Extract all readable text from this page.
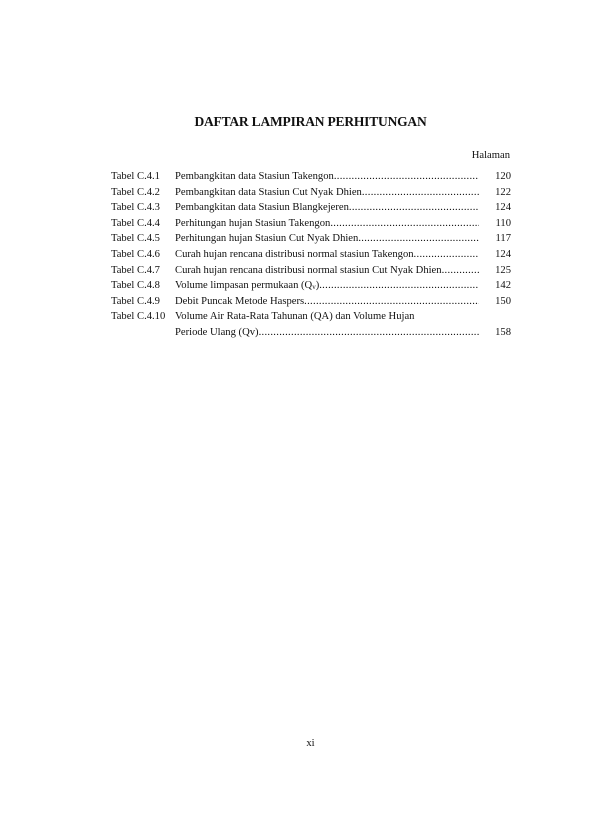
DAFTAR LAMPIRAN PERHITUNGAN
Halaman
Tabel C.4.1	Pembangkitan data Stasiun Takengon .....	120
Tabel C.4.2	Pembangkitan data Stasiun Cut Nyak Dhien .....	122
Tabel C.4.3	Pembangkitan data Stasiun Blangkejeren .....	124
Tabel C.4.4	Perhitungan hujan Stasiun Takengon .....	110
Tabel C.4.5	Perhitungan hujan Stasiun Cut Nyak Dhien .....	117
Tabel C.4.6	Curah hujan rencana distribusi normal stasiun Takengon .....	124
Tabel C.4.7	Curah hujan rencana distribusi normal stasiun Cut Nyak Dhien .....	125
Tabel C.4.8	Volume limpasan permukaan $(Q_v)$ .....	142
Tabel C.4.9	Debit Puncak Metode Haspers .....	150
Tabel C.4.10 Volume Air Rata-Rata Tahunan (QA) dan Volume Hujan
Periode Ulang (Qv) .....	158
xi
